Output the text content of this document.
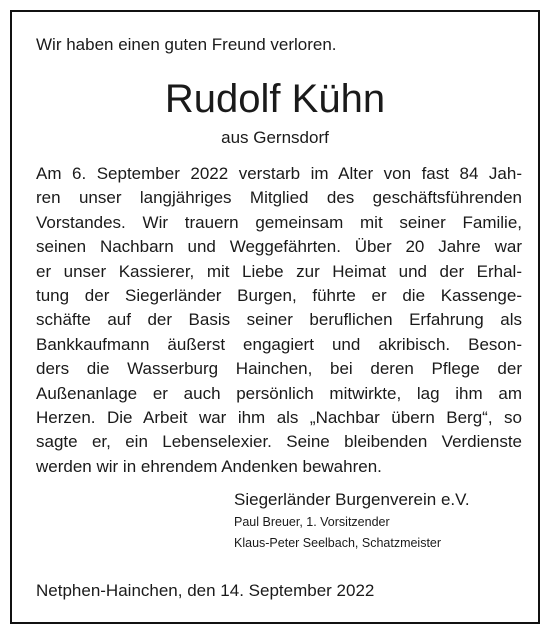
Wir haben einen guten Freund verloren.
Rudolf Kühn
aus Gernsdorf
Am 6. September 2022 verstarb im Alter von fast 84 Jah-
ren unser langjähriges Mitglied des geschäftsführenden
Vorstandes. Wir trauern gemeinsam mit seiner Familie,
seinen Nachbarn und Weggefährten. Über 20 Jahre war
er unser Kassierer, mit Liebe zur Heimat und der Erhal-
tung der Siegerländer Burgen, führte er die Kassenge-
schäfte auf der Basis seiner beruflichen Erfahrung als
Bankkaufmann äußerst engagiert und akribisch. Beson-
ders die Wasserburg Hainchen, bei deren Pflege der
Außenanlage er auch persönlich mitwirkte, lag ihm am
Herzen. Die Arbeit war ihm als „Nachbar übern Berg“, so
sagte er, ein Lebenselexier. Seine bleibenden Verdienste
werden wir in ehrendem Andenken bewahren.
Siegerländer Burgenverein e.V.
Paul Breuer, 1. Vorsitzender
Klaus-Peter Seelbach, Schatzmeister
Netphen-Hainchen, den 14. September 2022
